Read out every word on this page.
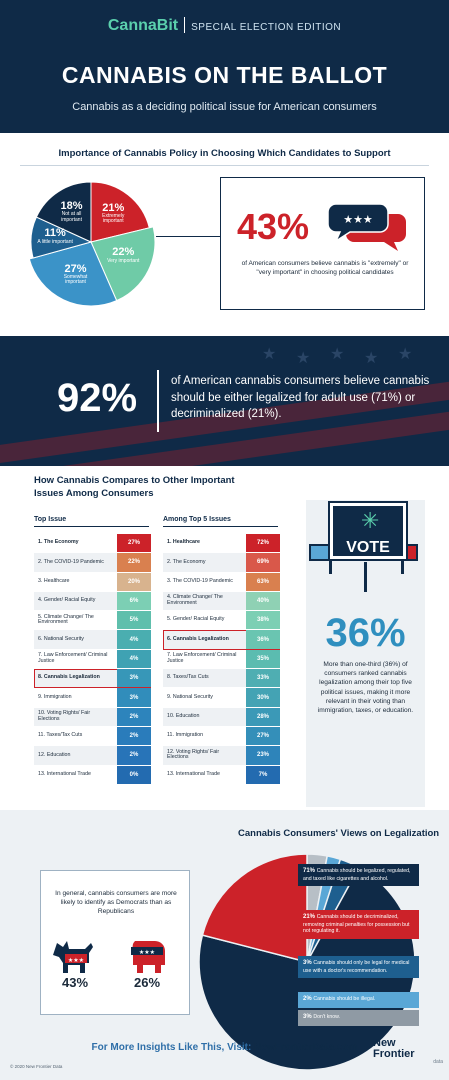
CannaBit SPECIAL ELECTION EDITION
CANNABIS ON THE BALLOT
Cannabis as a deciding political issue for American consumers
Importance of Cannabis Policy in Choosing Which Candidates to Support
21%
Extremely important
22%
Very important
27%
Somewhat important
11%
A little important
18%
Not at all important	43%	★★★
of American consumers believe cannabis is "extremely" or "very important" in choosing political candidates
★ ★ ★ ★ ★
92%	of American cannabis consumers believe cannabis should be either legalized for adult use (71%) or decriminalized (21%).
How Cannabis Compares to Other Important
Issues Among Consumers
Top Issue	Among Top 5 Issues
1. The Economy	27%
2. The COVID-19 Pandemic	22%
3. Healthcare	20%
4. Gender/ Racial Equity	6%
5. Climate Change/ The Environment	5%
6. National Security	4%
7. Law Enforcement/ Criminal Justice	4%
8. Cannabis Legalization	3%
9. Immigration	3%
10. Voting Rights/ Fair Elections	2%
11. Taxes/Tax Cuts	2%
12. Education	2%
13. International Trade	0%
1. Healthcare	72%
2. The Economy	69%
3. The COVID-19 Pandemic	63%
4. Climate Change/ The Environment	40%
5. Gender/ Racial Equity	38%
6. Cannabis Legalization	36%
7. Law Enforcement/ Criminal Justice	35%
8. Taxes/Tax Cuts	33%
9. National Security	30%
10. Education	28%
11. Immigration	27%
12. Voting Rights/ Fair Elections	23%
13. International Trade	7%
✳
VOTE
36%
More than one-third (36%) of consumers ranked cannabis legalization among their top five political issues, making it more relevant in their voting than immigration, taxes, or education.
Cannabis Consumers' Views on Legalization
In general, cannabis consumers are more likely to identify as Democrats than as Republicans
★★★
★★★
43%	26%
71% Cannabis should be legalized, regulated, and taxed like cigarettes and alcohol.
21% Cannabis should be decriminalized, removing criminal penalties for possession but not regulating it.
3% Cannabis should only be legal for medical use with a doctor's recommendation.
2% Cannabis should be illegal.
3% Don't know.
For More Insights Like This, Visit: NewFrontierData.com	New
Frontier
data
© 2020 New Frontier Data
